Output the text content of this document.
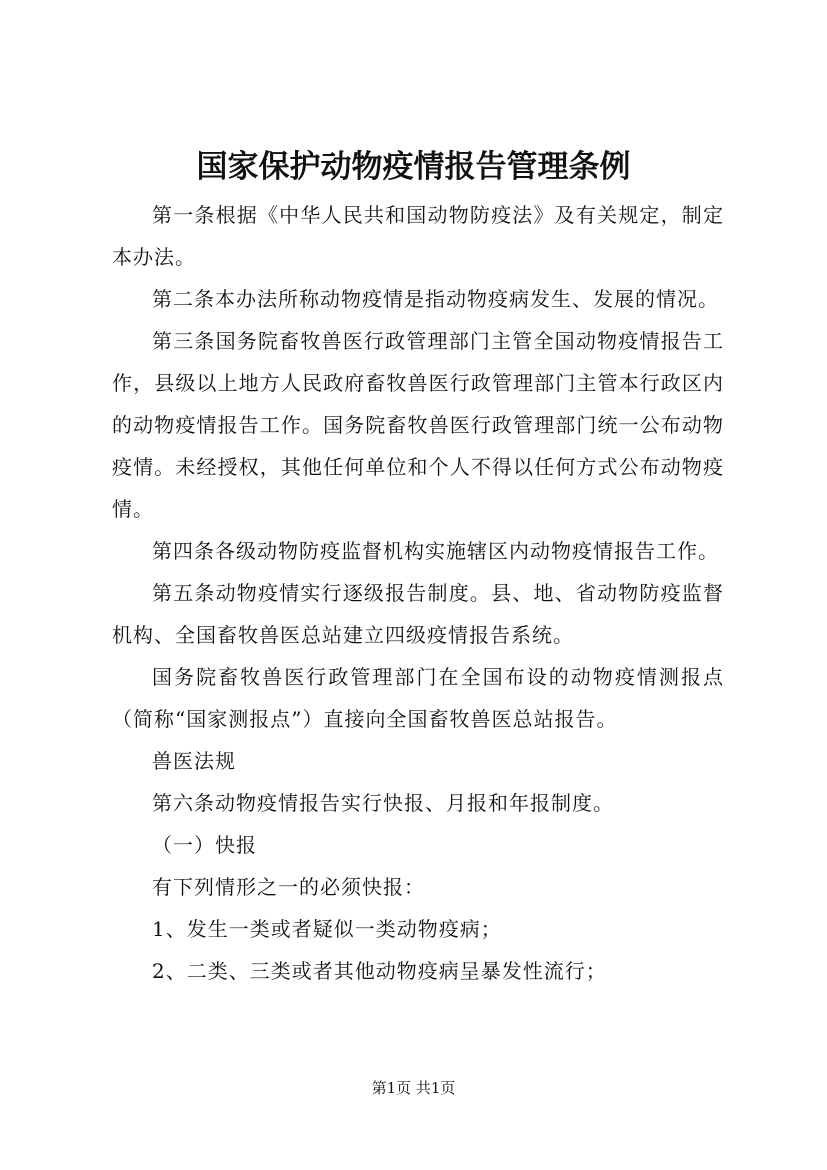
国家保护动物疫情报告管理条例

第一条根据《中华人民共和国动物防疫法》及有关规定，制定本办法。

第二条本办法所称动物疫情是指动物疫病发生、发展的情况。

第三条国务院畜牧兽医行政管理部门主管全国动物疫情报告工作，县级以上地方人民政府畜牧兽医行政管理部门主管本行政区内的动物疫情报告工作。国务院畜牧兽医行政管理部门统一公布动物疫情。未经授权，其他任何单位和个人不得以任何方式公布动物疫情。

第四条各级动物防疫监督机构实施辖区内动物疫情报告工作。

第五条动物疫情实行逐级报告制度。县、地、省动物防疫监督机构、全国畜牧兽医总站建立四级疫情报告系统。

国务院畜牧兽医行政管理部门在全国布设的动物疫情测报点（简称“国家测报点”）直接向全国畜牧兽医总站报告。

兽医法规

第六条动物疫情报告实行快报、月报和年报制度。

（一）快报

有下列情形之一的必须快报：

1、发生一类或者疑似一类动物疫病；

2、二类、三类或者其他动物疫病呈暴发性流行；

第1页 共1页
